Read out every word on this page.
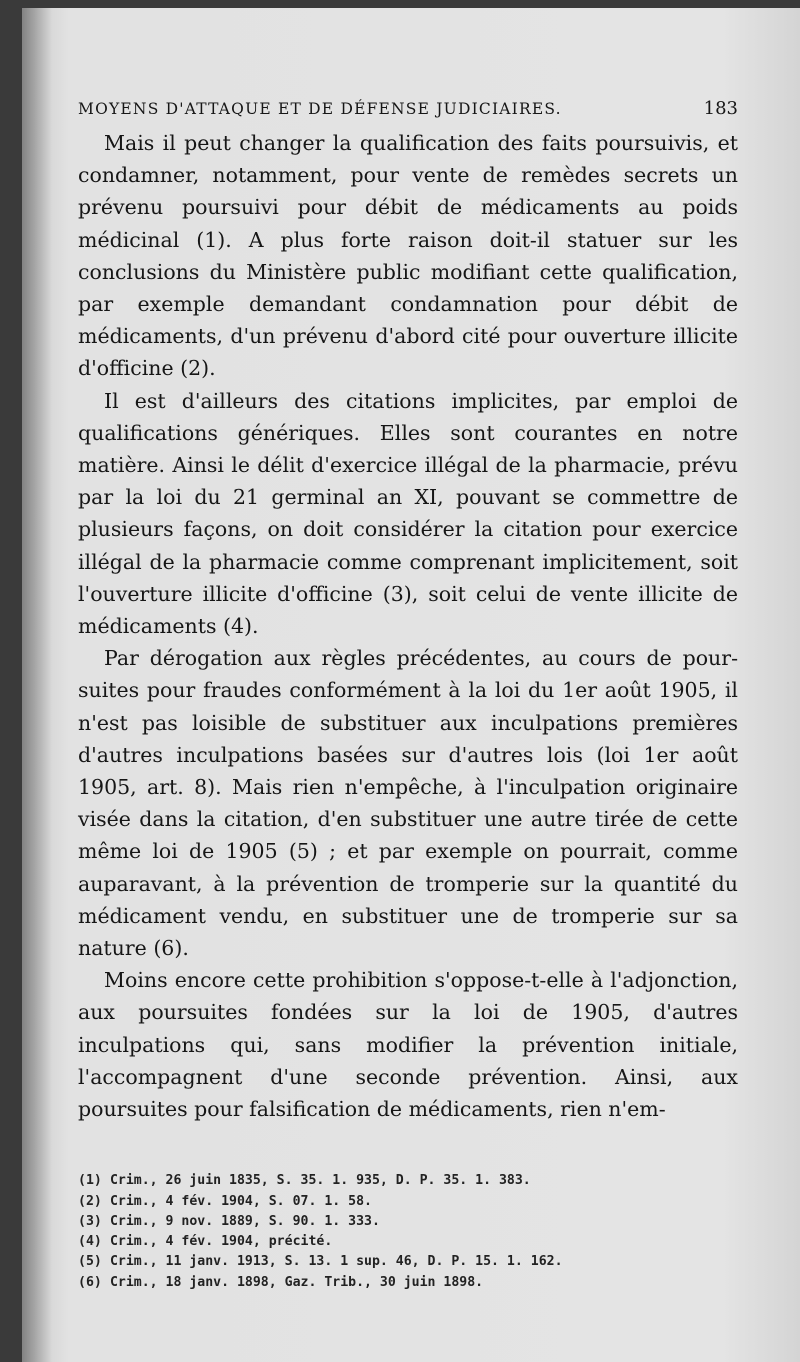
MOYENS D'ATTAQUE ET DE DÉFENSE JUDICIAIRES.	183

Mais il peut changer la qualification des faits poursuivis, et condamner, notamment, pour vente de remèdes secrets un prévenu poursuivi pour débit de médicaments au poids médicinal (1). A plus forte raison doit-il statuer sur les conclusions du Ministère public modifiant cette qualification, par exemple demandant condamnation pour débit de médicaments, d'un prévenu d'abord cité pour ouverture illicite d'officine (2).

Il est d'ailleurs des citations implicites, par emploi de qualifications génériques. Elles sont courantes en notre matière. Ainsi le délit d'exercice illégal de la pharmacie, prévu par la loi du 21 germinal an XI, pouvant se commettre de plusieurs façons, on doit considérer la citation pour exercice illégal de la pharmacie comme comprenant implicitement, soit l'ouverture illicite d'officine (3), soit celui de vente illicite de médicaments (4).

Par dérogation aux règles précédentes, au cours de poursuites pour fraudes conformément à la loi du 1er août 1905, il n'est pas loisible de substituer aux inculpations premières d'autres inculpations basées sur d'autres lois (loi 1er août 1905, art. 8). Mais rien n'empêche, à l'inculpation originaire visée dans la citation, d'en substituer une autre tirée de cette même loi de 1905 (5) ; et par exemple on pourrait, comme auparavant, à la prévention de tromperie sur la quantité du médicament vendu, en substituer une de tromperie sur sa nature (6).

Moins encore cette prohibition s'oppose-t-elle à l'adjonction, aux poursuites fondées sur la loi de 1905, d'autres inculpations qui, sans modifier la prévention initiale, l'accompagnent d'une seconde prévention. Ainsi, aux poursuites pour falsification de médicaments, rien n'em-

(1) Crim., 26 juin 1835, S. 35. 1. 935, D. P. 35. 1. 383.

(2) Crim., 4 fév. 1904, S. 07. 1. 58.

(3) Crim., 9 nov. 1889, S. 90. 1. 333.

(4) Crim., 4 fév. 1904, précité.

(5) Crim., 11 janv. 1913, S. 13. 1 sup. 46, D. P. 15. 1. 162.

(6) Crim., 18 janv. 1898, Gaz. Trib., 30 juin 1898.
